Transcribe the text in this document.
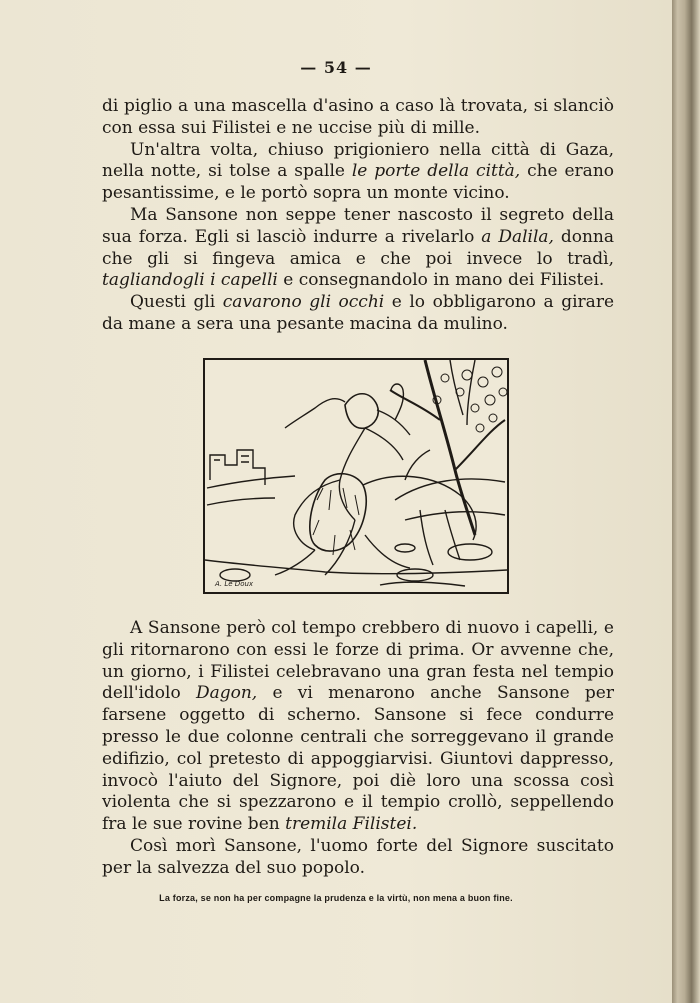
— 54 —

di piglio a una mascella d'asino a caso là trovata, si slanciò con essa sui Filistei e ne uccise più di mille.

Un'altra volta, chiuso prigioniero nella città di Gaza, nella notte, si tolse a spalle le porte della città, che erano pesantissime, e le portò sopra un monte vicino.

Ma Sansone non seppe tener nascosto il segreto della sua forza. Egli si lasciò indurre a rivelarlo a Dalila, donna che gli si fingeva amica e che poi invece lo tradì, tagliandogli i capelli e consegnandolo in mano dei Filistei.

Questi gli cavarono gli occhi e lo obbligarono a girare da mane a sera una pesante macina da mulino.

A. Le Doux

A Sansone però col tempo crebbero di nuovo i capelli, e gli ritornarono con essi le forze di prima. Or avvenne che, un giorno, i Filistei celebravano una gran festa nel tempio dell'idolo Dagon, e vi menarono anche Sansone per farsene oggetto di scherno. Sansone si fece condurre presso le due colonne centrali che sorreggevano il grande edifizio, col pretesto di appoggiarvisi. Giuntovi dappresso, invocò l'aiuto del Signore, poi diè loro una scossa così violenta che si spezzarono e il tempio crollò, seppellendo fra le sue rovine ben tremila Filistei.

Così morì Sansone, l'uomo forte del Signore suscitato per la salvezza del suo popolo.

La forza, se non ha per compagne la prudenza e la virtù, non mena a buon fine.
